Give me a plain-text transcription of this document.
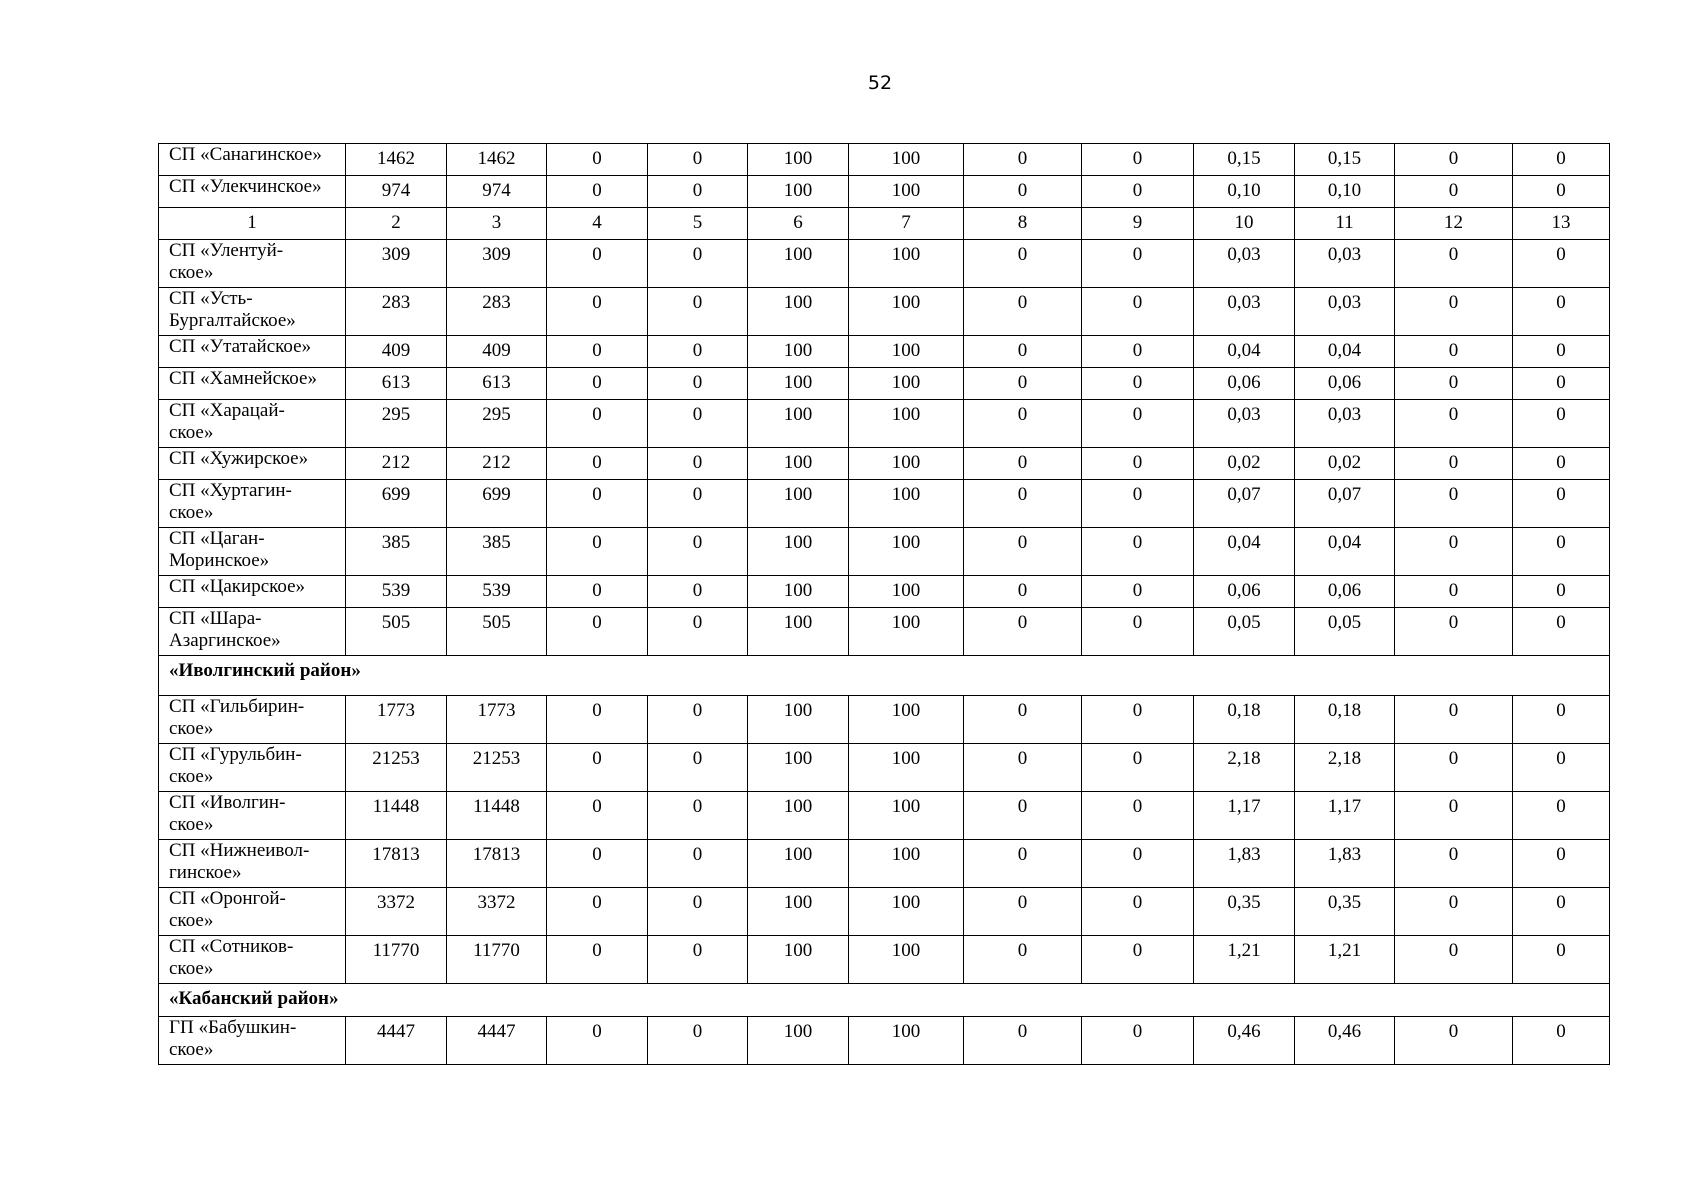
52
СП «Санагинское»	1462	1462	0	0	100	100	0	0	0,15	0,15	0	0
СП «Улекчинское»	974	974	0	0	100	100	0	0	0,10	0,10	0	0
1	2	3	4	5	6	7	8	9	10	11	12	13
СП «Улентуй-
ское»	309	309	0	0	100	100	0	0	0,03	0,03	0	0
СП «Усть-
Бургалтайское»	283	283	0	0	100	100	0	0	0,03	0,03	0	0
СП «Утатайское»	409	409	0	0	100	100	0	0	0,04	0,04	0	0
СП «Хамнейское»	613	613	0	0	100	100	0	0	0,06	0,06	0	0
СП «Харацай-
ское»	295	295	0	0	100	100	0	0	0,03	0,03	0	0
СП «Хужирское»	212	212	0	0	100	100	0	0	0,02	0,02	0	0
СП «Хуртагин-
ское»	699	699	0	0	100	100	0	0	0,07	0,07	0	0
СП «Цаган-
Моринское»	385	385	0	0	100	100	0	0	0,04	0,04	0	0
СП «Цакирское»	539	539	0	0	100	100	0	0	0,06	0,06	0	0
СП «Шара-
Азаргинское»	505	505	0	0	100	100	0	0	0,05	0,05	0	0
«Иволгинский район»												
СП «Гильбирин-
ское»	1773	1773	0	0	100	100	0	0	0,18	0,18	0	0
СП «Гурульбин-
ское»	21253	21253	0	0	100	100	0	0	2,18	2,18	0	0
СП «Иволгин-
ское»	11448	11448	0	0	100	100	0	0	1,17	1,17	0	0
СП «Нижнеивол-
гинское»	17813	17813	0	0	100	100	0	0	1,83	1,83	0	0
СП «Оронгой-
ское»	3372	3372	0	0	100	100	0	0	0,35	0,35	0	0
СП «Сотников-
ское»	11770	11770	0	0	100	100	0	0	1,21	1,21	0	0
«Кабанский район»												
ГП «Бабушкин-
ское»	4447	4447	0	0	100	100	0	0	0,46	0,46	0	0
